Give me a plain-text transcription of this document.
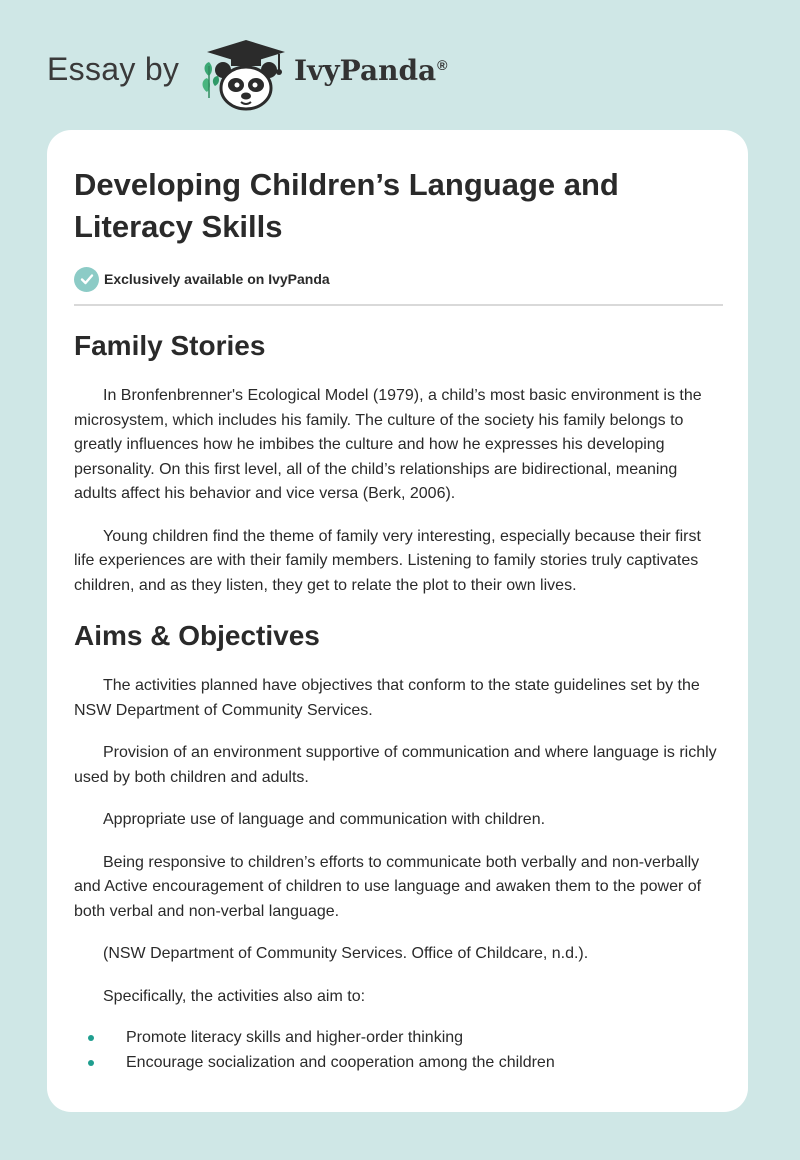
Essay by	IvyPanda®
Developing Children’s Language and Literacy Skills
Exclusively available on IvyPanda
Family Stories

In Bronfenbrenner's Ecological Model (1979), a child’s most basic environment is the microsystem, which includes his family. The culture of the society his family belongs to greatly influences how he imbibes the culture and how he expresses his developing personality. On this first level, all of the child’s relationships are bidirectional, meaning adults affect his behavior and vice versa (Berk, 2006).

Young children find the theme of family very interesting, especially because their first life experiences are with their family members. Listening to family stories truly captivates children, and as they listen, they get to relate the plot to their own lives.

Aims & Objectives

The activities planned have objectives that conform to the state guidelines set by the NSW Department of Community Services.

Provision of an environment supportive of communication and where language is richly used by both children and adults.

Appropriate use of language and communication with children.

Being responsive to children’s efforts to communicate both verbally and non-verbally and Active encouragement of children to use language and awaken them to the power of both verbal and non-verbal language.

(NSW Department of Community Services. Office of Childcare, n.d.).

Specifically, the activities also aim to:

Promote literacy skills and higher-order thinking
Encourage socialization and cooperation among the children
